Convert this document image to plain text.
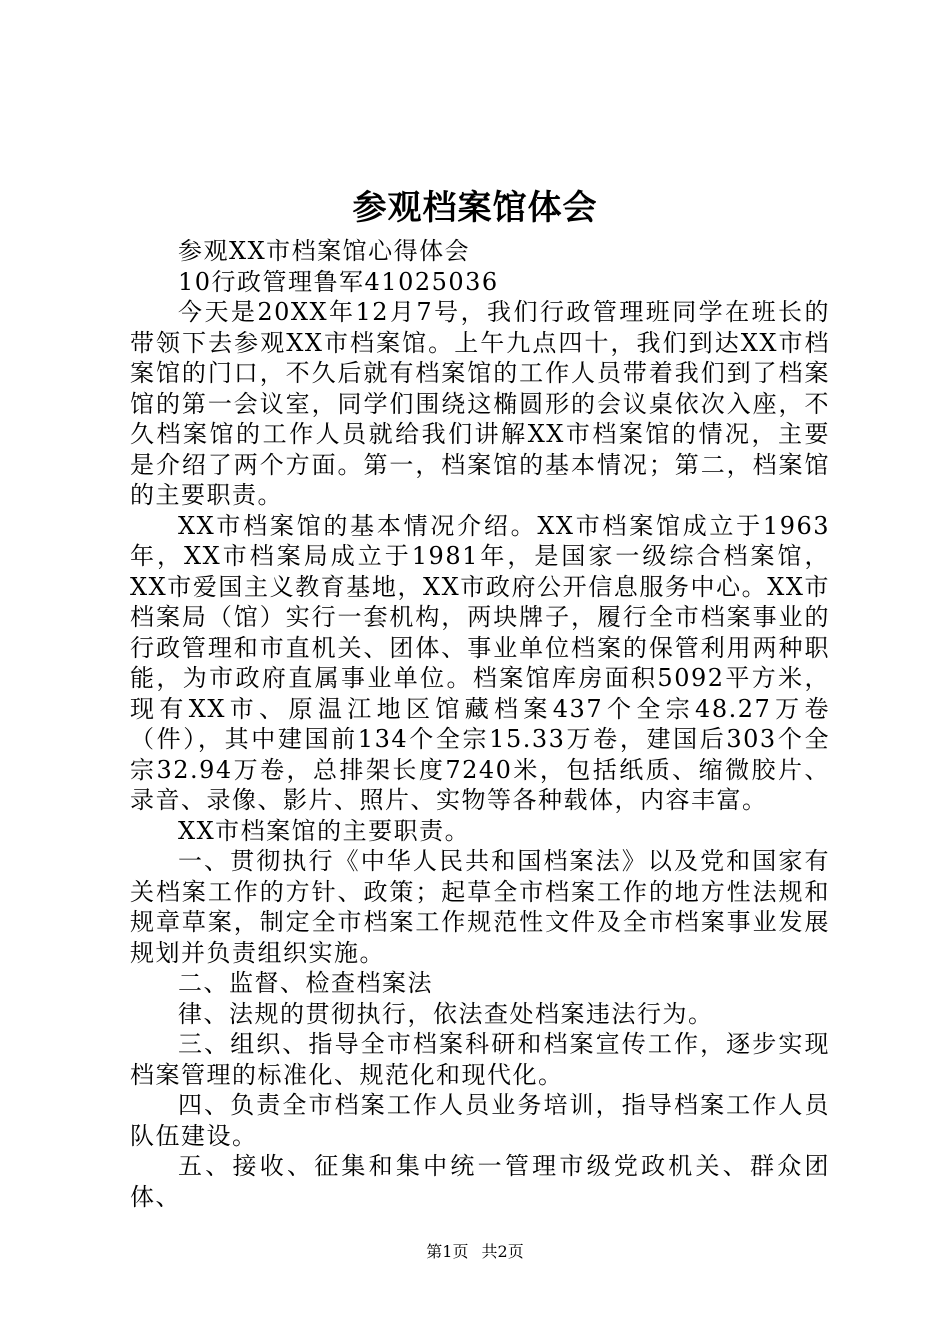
参观档案馆体会

参观XX市档案馆心得体会

10行政管理鲁军41025036

今天是20XX年12月7号，我们行政管理班同学在班长的带领下去参观XX市档案馆。上午九点四十，我们到达XX市档案馆的门口，不久后就有档案馆的工作人员带着我们到了档案馆的第一会议室，同学们围绕这椭圆形的会议桌依次入座，不久档案馆的工作人员就给我们讲解XX市档案馆的情况，主要是介绍了两个方面。第一，档案馆的基本情况；第二，档案馆的主要职责。

XX市档案馆的基本情况介绍。XX市档案馆成立于1963年，XX市档案局成立于1981年，是国家一级综合档案馆，XX市爱国主义教育基地，XX市政府公开信息服务中心。XX市档案局（馆）实行一套机构，两块牌子，履行全市档案事业的行政管理和市直机关、团体、事业单位档案的保管利用两种职能，为市政府直属事业单位。档案馆库房面积5092平方米，现有XX市、原温江地区馆藏档案437个全宗48.27万卷（件），其中建国前134个全宗15.33万卷，建国后303个全宗32.94万卷，总排架长度7240米，包括纸质、缩微胶片、录音、录像、影片、照片、实物等各种载体，内容丰富。

XX市档案馆的主要职责。

一、贯彻执行《中华人民共和国档案法》以及党和国家有关档案工作的方针、政策；起草全市档案工作的地方性法规和规章草案，制定全市档案工作规范性文件及全市档案事业发展规划并负责组织实施。

二、监督、检查档案法

律、法规的贯彻执行，依法查处档案违法行为。

三、组织、指导全市档案科研和档案宣传工作，逐步实现档案管理的标准化、规范化和现代化。

四、负责全市档案工作人员业务培训，指导档案工作人员队伍建设。

五、接收、征集和集中统一管理市级党政机关、群众团体、

第1页 共2页
